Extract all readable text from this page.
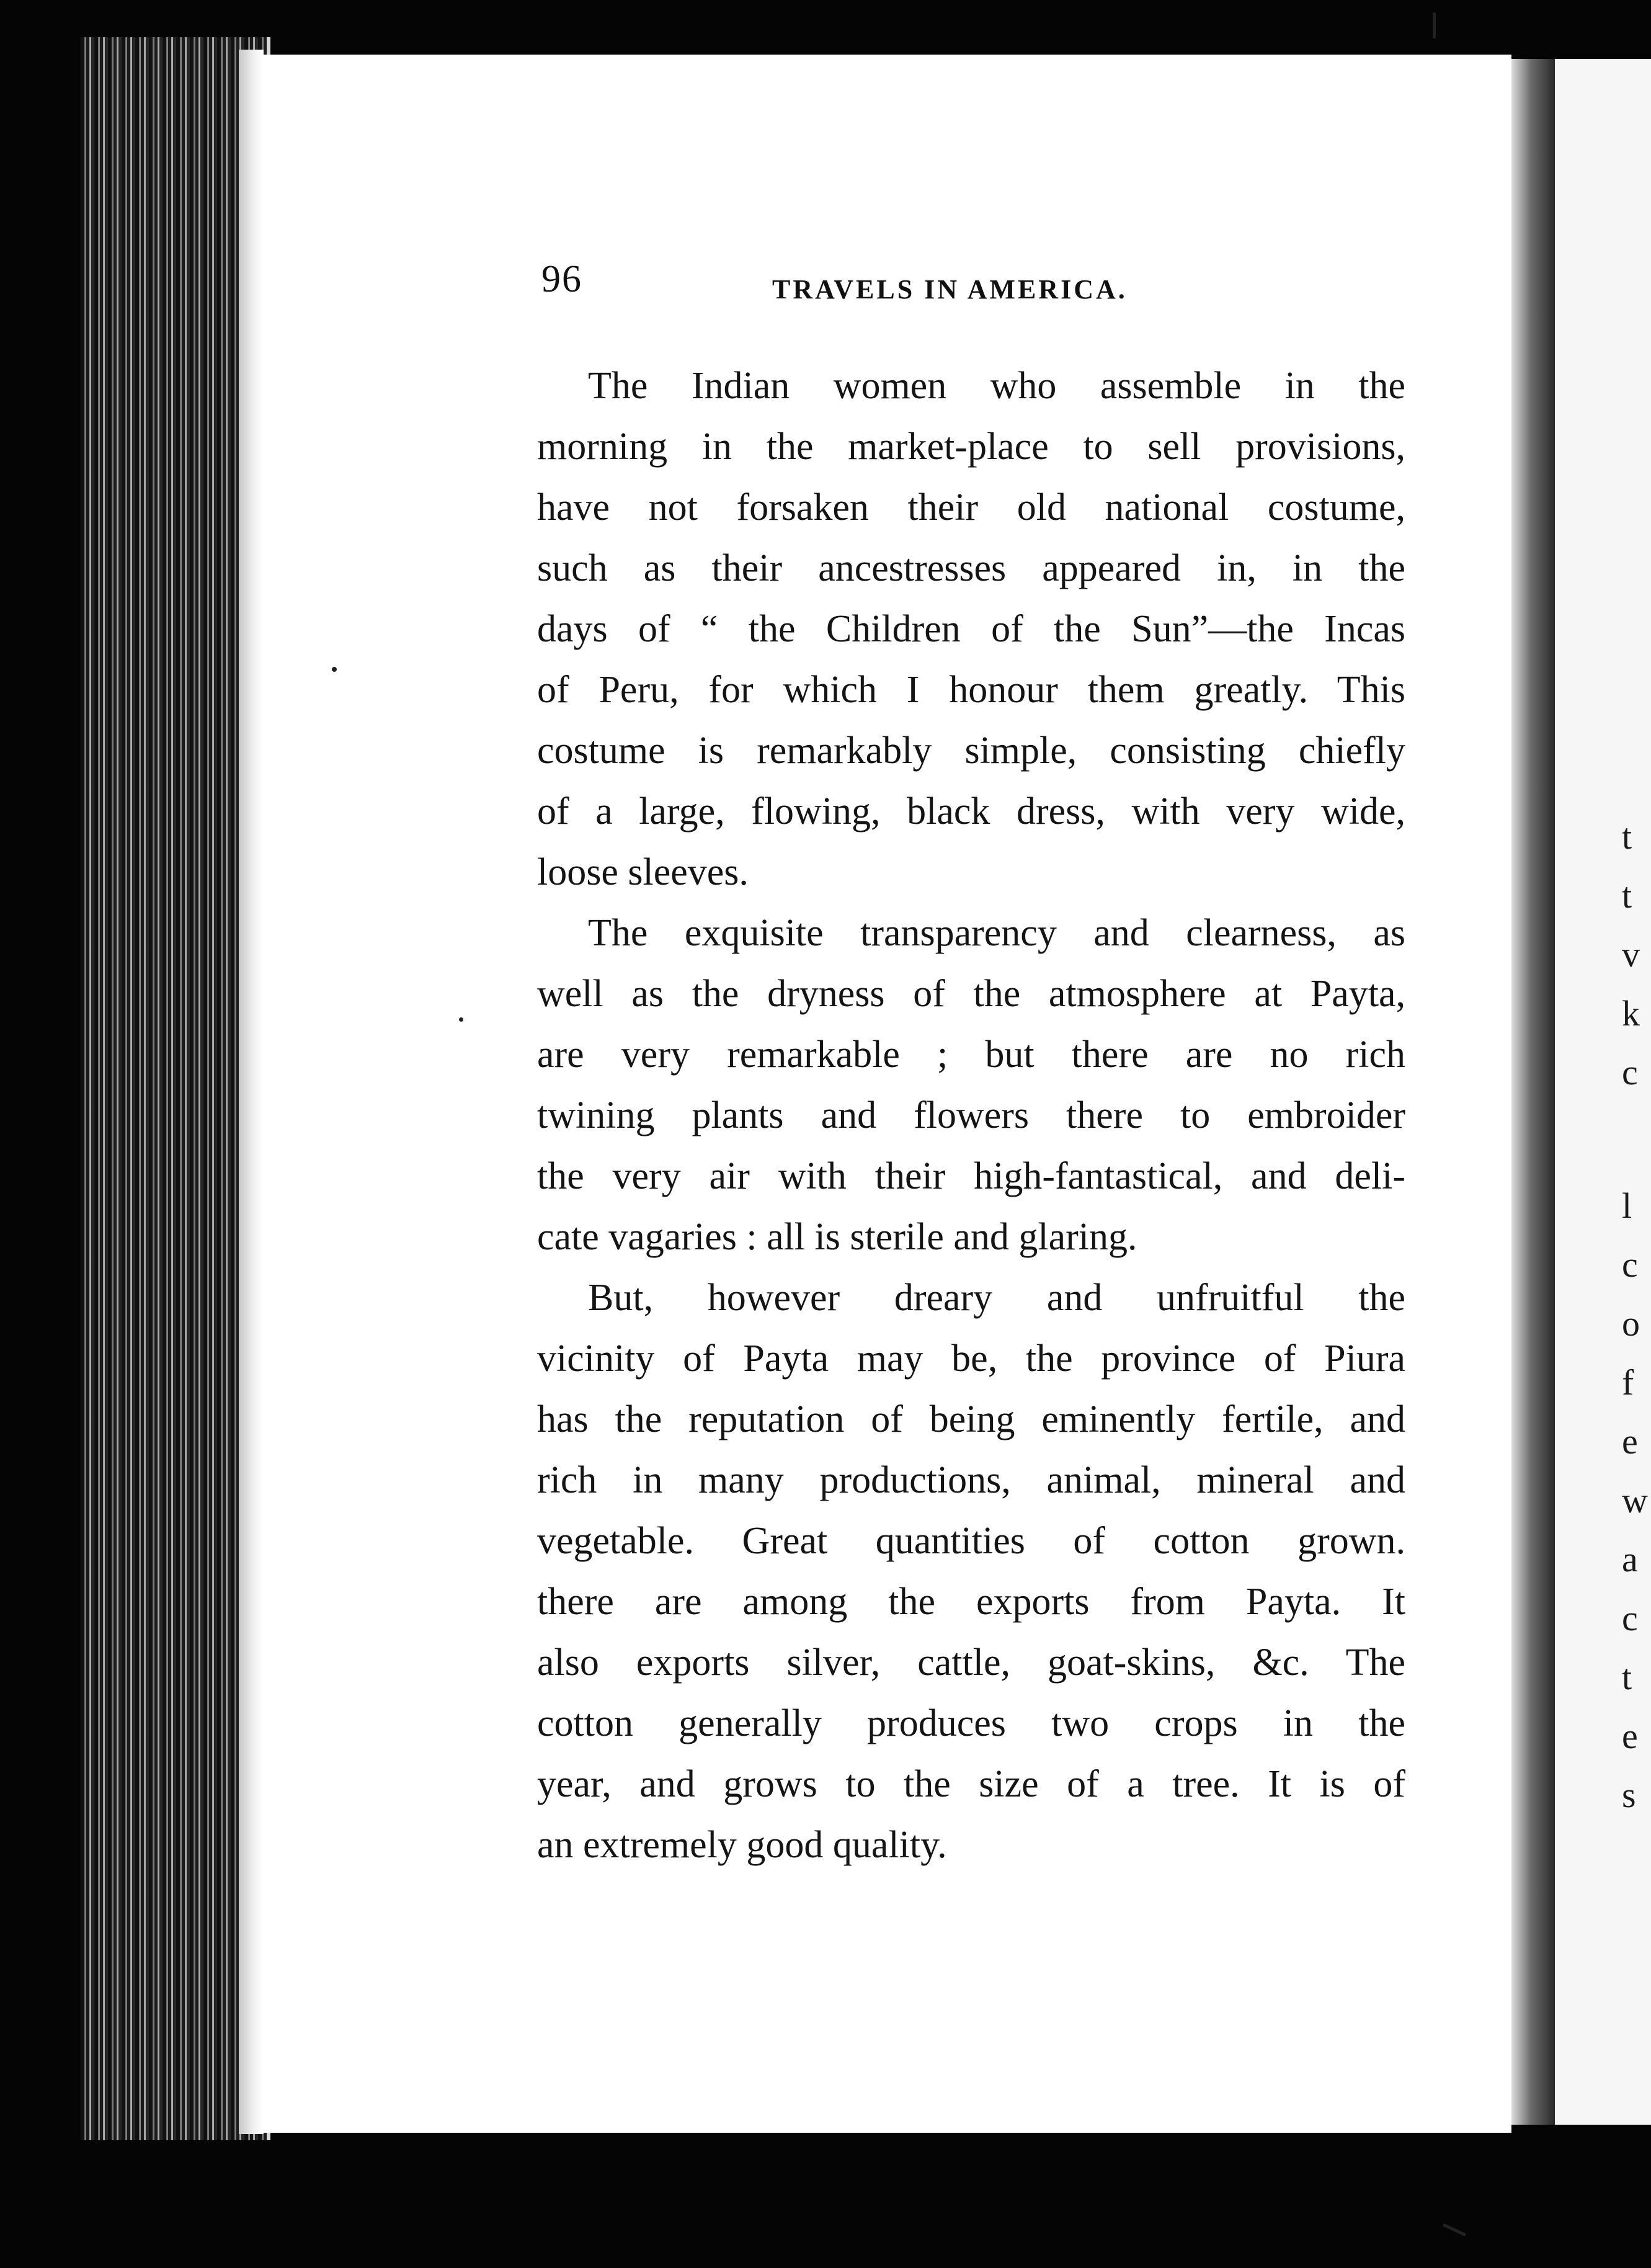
t
t
v
k
c
l
c
o
f
e
w
a
c
t
e
s
96	TRAVELS IN AMERICA.
The Indian women who assemble in the
morning in the market-place to sell provisions,
have not forsaken their old national costume,
such as their ancestresses appeared in, in the
days of “ the Children of the Sun”—the Incas
of Peru, for which I honour them greatly. This
costume is remarkably simple, consisting chiefly
of a large, flowing, black dress, with very wide,
loose sleeves.
The exquisite transparency and clearness, as
well as the dryness of the atmosphere at Payta,
are very remarkable ; but there are no rich
twining plants and flowers there to embroider
the very air with their high-fantastical, and deli-
cate vagaries : all is sterile and glaring.
But, however dreary and unfruitful the
vicinity of Payta may be, the province of Piura
has the reputation of being eminently fertile, and
rich in many productions, animal, mineral and
vegetable. Great quantities of cotton grown.
there are among the exports from Payta. It
also exports silver, cattle, goat-skins, &c. The
cotton generally produces two crops in the
year, and grows to the size of a tree. It is of
an extremely good quality.
